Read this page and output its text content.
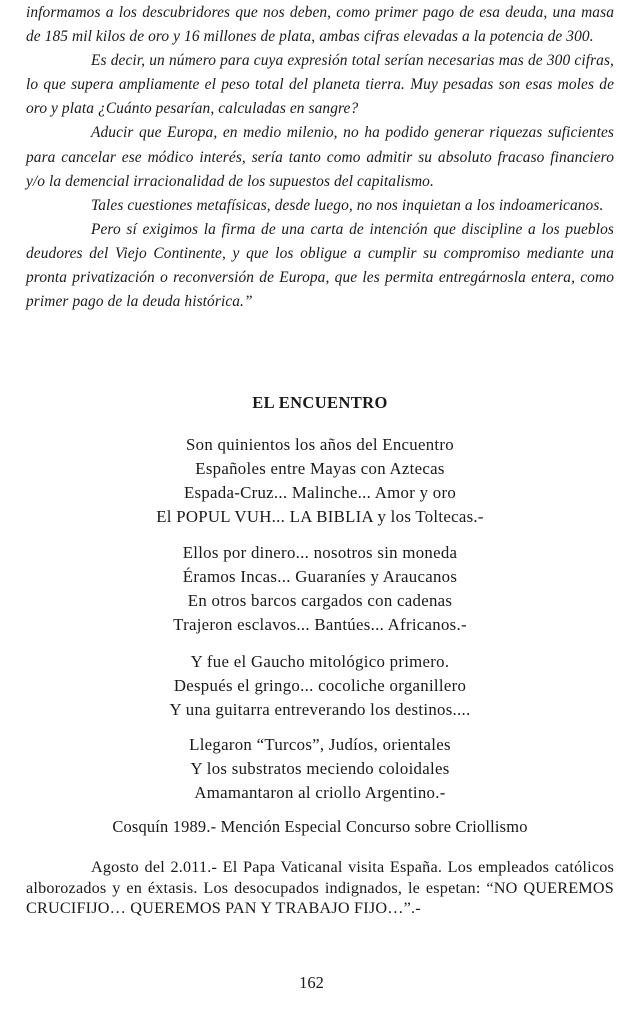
informamos a los descubridores que nos deben, como primer pago de esa deuda, una masa de 185 mil kilos de oro y 16 millones de plata, ambas cifras elevadas a la potencia de 300.

Es decir, un número para cuya expresión total serían necesarias mas de 300 cifras, lo que supera ampliamente el peso total del planeta tierra. Muy pesadas son esas moles de oro y plata ¿Cuánto pesarían, calculadas en sangre?

Aducir que Europa, en medio milenio, no ha podido generar riquezas suficientes para cancelar ese módico interés, sería tanto como admitir su absoluto fracaso financiero y/o la demencial irracionalidad de los supuestos del capitalismo.

Tales cuestiones metafísicas, desde luego, no nos inquietan a los indoamericanos.

Pero sí exigimos la firma de una carta de intención que discipline a los pueblos deudores del Viejo Continente, y que los obligue a cumplir su compromiso mediante una pronta privatización o reconversión de Europa, que les permita entregárnosla entera, como primer pago de la deuda histórica.”

EL ENCUENTRO
Son quinientos los años del Encuentro
Españoles entre Mayas con Aztecas
Espada-Cruz... Malinche... Amor y oro
El POPUL VUH... LA BIBLIA y los Toltecas.-
Ellos por dinero... nosotros sin moneda
Éramos Incas... Guaraníes y Araucanos
En otros barcos cargados con cadenas
Trajeron esclavos... Bantúes... Africanos.-
Y fue el Gaucho mitológico primero.
Después el gringo... cocoliche organillero
Y una guitarra entreverando los destinos....
Llegaron “Turcos”, Judíos, orientales
Y los substratos meciendo coloidales
Amamantaron al criollo Argentino.-

Cosquín 1989.- Mención Especial Concurso sobre Criollismo

Agosto del 2.011.- El Papa Vaticanal visita España. Los empleados católicos alborozados y en éxtasis. Los desocupados indignados, le espetan: “NO QUEREMOS CRUCIFIJO… QUEREMOS PAN Y TRABAJO FIJO…”.-

162
